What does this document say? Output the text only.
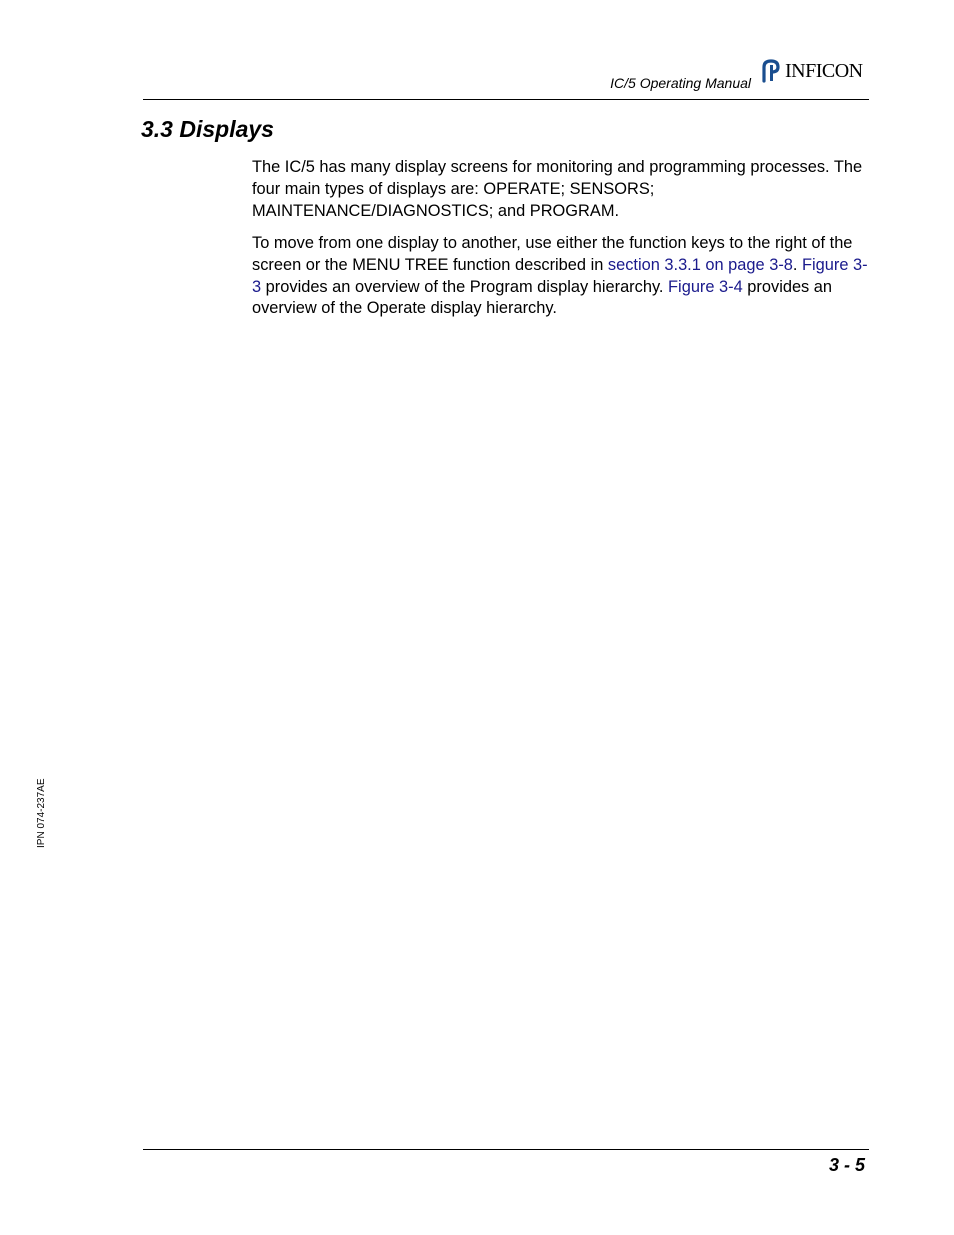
IC/5 Operating Manual
INFICON
3.3 Displays

The IC/5 has many display screens for monitoring and programming processes. The four main types of displays are: OPERATE; SENSORS; MAINTENANCE/DIAGNOSTICS; and PROGRAM.

To move from one display to another, use either the function keys to the right of the screen or the MENU TREE function described in section 3.3.1 on page 3-8. Figure 3-3 provides an overview of the Program display hierarchy. Figure 3-4 provides an overview of the Operate display hierarchy.

IPN 074-237AE
3 - 5
